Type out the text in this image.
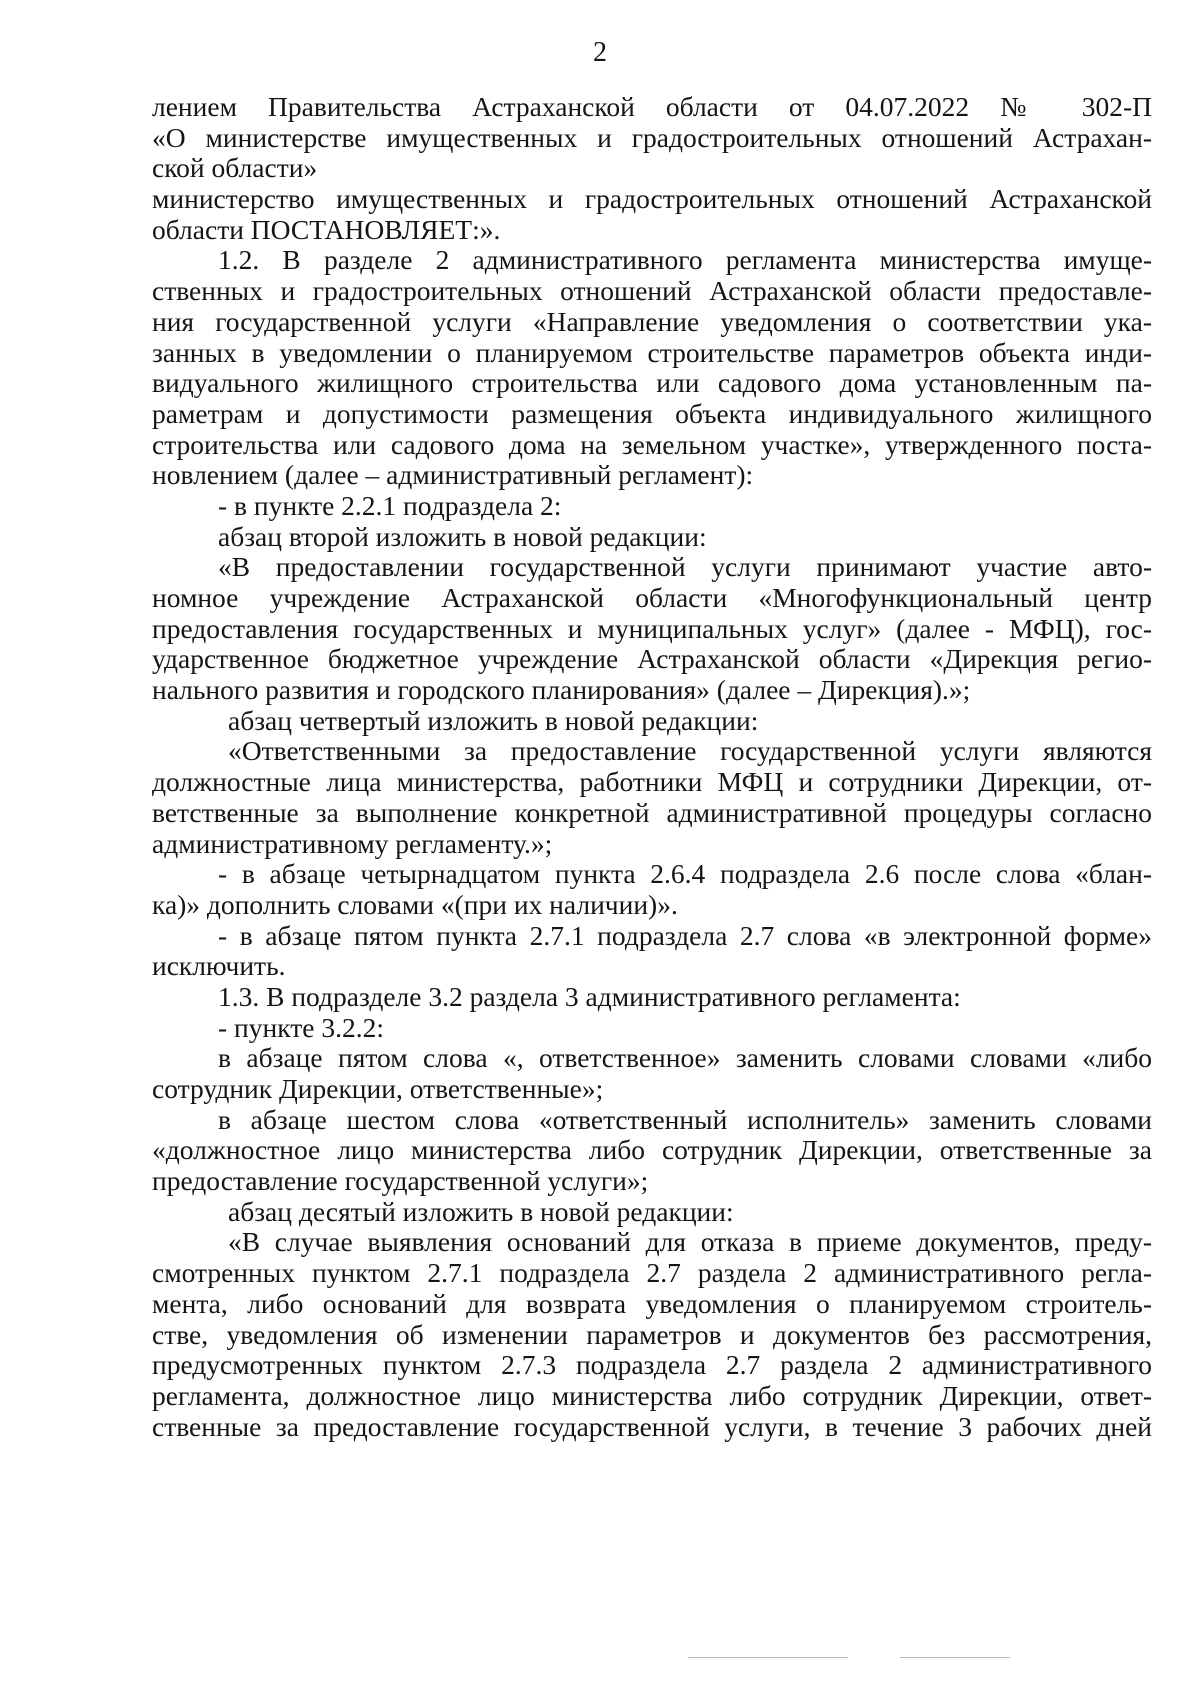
2
лением Правительства Астраханской области от 04.07.2022 № 302-П
«О министерстве имущественных и градостроительных отношений Астрахан-
ской области»
министерство имущественных и градостроительных отношений Астраханской
области ПОСТАНОВЛЯЕТ:».
1.2. В разделе 2 административного регламента министерства имуще-
ственных и градостроительных отношений Астраханской области предоставле-
ния государственной услуги «Направление уведомления о соответствии ука-
занных в уведомлении о планируемом строительстве параметров объекта инди-
видуального жилищного строительства или садового дома установленным па-
раметрам и допустимости размещения объекта индивидуального жилищного
строительства или садового дома на земельном участке», утвержденного поста-
новлением (далее – административный регламент):
- в пункте 2.2.1 подраздела 2:
абзац второй изложить в новой редакции:
«В предоставлении государственной услуги принимают участие авто-
номное учреждение Астраханской области «Многофункциональный центр
предоставления государственных и муниципальных услуг» (далее - МФЦ), гос-
ударственное бюджетное учреждение Астраханской области «Дирекция регио-
нального развития и городского планирования» (далее – Дирекция).»;
абзац четвертый изложить в новой редакции:
«Ответственными за предоставление государственной услуги являются
должностные лица министерства, работники МФЦ и сотрудники Дирекции, от-
ветственные за выполнение конкретной административной процедуры согласно
административному регламенту.»;
- в абзаце четырнадцатом пункта 2.6.4 подраздела 2.6 после слова «блан-
ка)» дополнить словами «(при их наличии)».
- в абзаце пятом пункта 2.7.1 подраздела 2.7 слова «в электронной форме»
исключить.
1.3. В подразделе 3.2 раздела 3 административного регламента:
- пункте 3.2.2:
в абзаце пятом слова «, ответственное» заменить словами словами «либо
сотрудник Дирекции, ответственные»;
в абзаце шестом слова «ответственный исполнитель» заменить словами
«должностное лицо министерства либо сотрудник Дирекции, ответственные за
предоставление государственной услуги»;
абзац десятый изложить в новой редакции:
«В случае выявления оснований для отказа в приеме документов, преду-
смотренных пунктом 2.7.1 подраздела 2.7 раздела 2 административного регла-
мента, либо оснований для возврата уведомления о планируемом строитель-
стве, уведомления об изменении параметров и документов без рассмотрения,
предусмотренных пунктом 2.7.3 подраздела 2.7 раздела 2 административного
регламента, должностное лицо министерства либо сотрудник Дирекции, ответ-
ственные за предоставление государственной услуги, в течение 3 рабочих дней
